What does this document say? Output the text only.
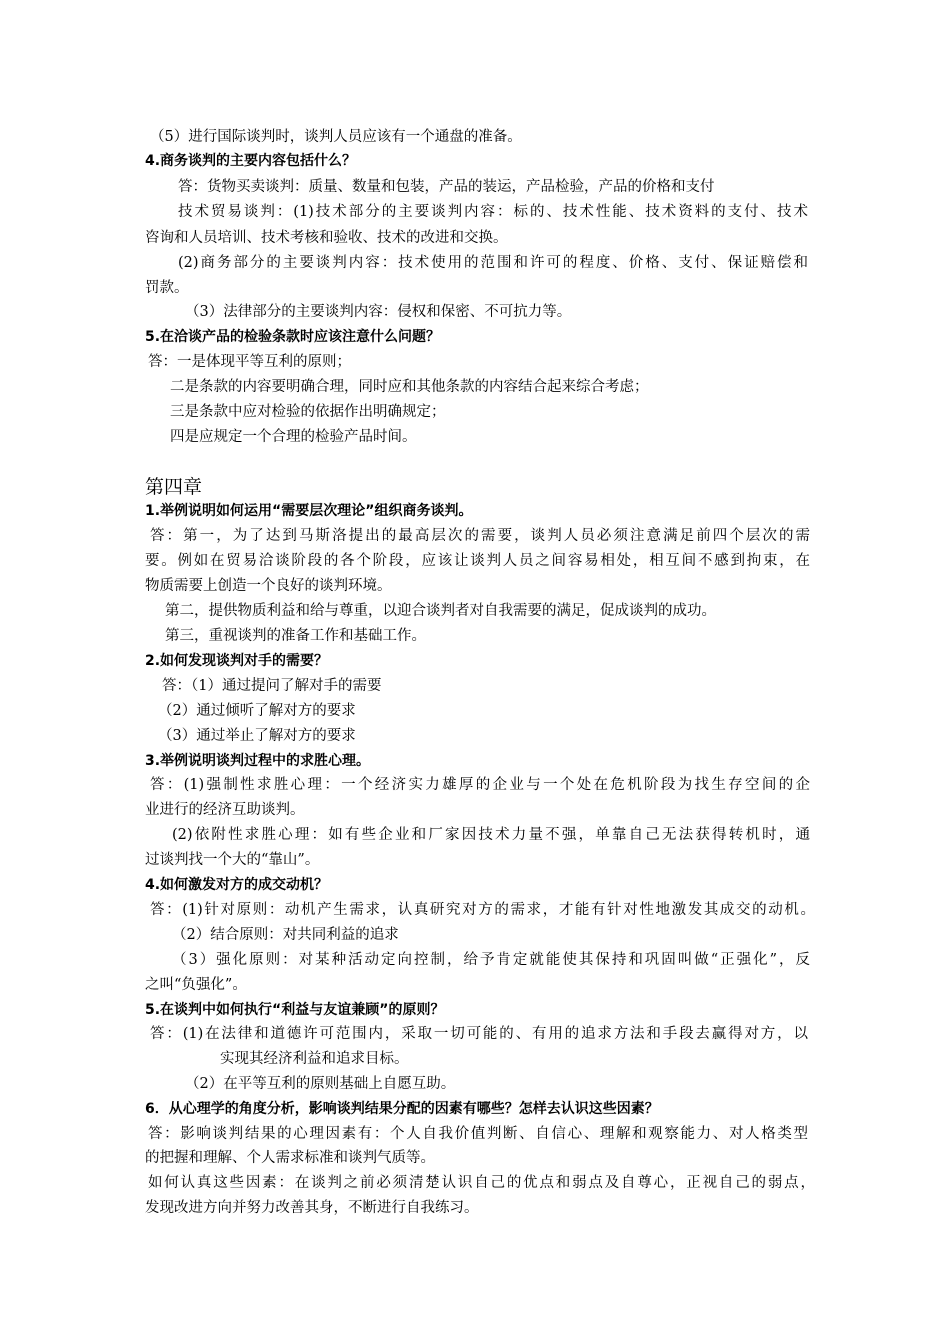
（5）进行国际谈判时，谈判人员应该有一个通盘的准备。
4.商务谈判的主要内容包括什么？
答：货物买卖谈判：质量、数量和包装，产品的装运，产品检验，产品的价格和支付
技术贸易谈判：(1)技术部分的主要谈判内容：标的、技术性能、技术资料的支付、技术
咨询和人员培训、技术考核和验收、技术的改进和交换。
(2)商务部分的主要谈判内容：技术使用的范围和许可的程度、价格、支付、保证赔偿和
罚款。
（3）法律部分的主要谈判内容：侵权和保密、不可抗力等。
5.在洽谈产品的检验条款时应该注意什么问题？
答：一是体现平等互利的原则；
二是条款的内容要明确合理，同时应和其他条款的内容结合起来综合考虑；
三是条款中应对检验的依据作出明确规定；
四是应规定一个合理的检验产品时间。
第四章
1.举例说明如何运用“需要层次理论”组织商务谈判。
答：第一，为了达到马斯洛提出的最高层次的需要，谈判人员必须注意满足前四个层次的需
要。例如在贸易洽谈阶段的各个阶段，应该让谈判人员之间容易相处，相互间不感到拘束，在
物质需要上创造一个良好的谈判环境。
第二，提供物质利益和给与尊重，以迎合谈判者对自我需要的满足，促成谈判的成功。
第三，重视谈判的准备工作和基础工作。
2.如何发现谈判对手的需要？
答：（1）通过提问了解对手的需要
（2）通过倾听了解对方的要求
（3）通过举止了解对方的要求
3.举例说明谈判过程中的求胜心理。
答：(1)强制性求胜心理：一个经济实力雄厚的企业与一个处在危机阶段为找生存空间的企
业进行的经济互助谈判。
(2)依附性求胜心理：如有些企业和厂家因技术力量不强，单靠自己无法获得转机时，通
过谈判找一个大的“靠山”。
4.如何激发对方的成交动机？
答：(1)针对原则：动机产生需求，认真研究对方的需求，才能有针对性地激发其成交的动机。
（2）结合原则：对共同利益的追求
（3）强化原则：对某种活动定向控制，给予肯定就能使其保持和巩固叫做“正强化”，反
之叫“负强化”。
5.在谈判中如何执行“利益与友谊兼顾”的原则？
答：(1)在法律和道德许可范围内，采取一切可能的、有用的追求方法和手段去赢得对方，以
实现其经济利益和追求目标。
（2）在平等互利的原则基础上自愿互助。
6．从心理学的角度分析，影响谈判结果分配的因素有哪些？怎样去认识这些因素？
答：影响谈判结果的心理因素有：个人自我价值判断、自信心、理解和观察能力、对人格类型
的把握和理解、个人需求标准和谈判气质等。
如何认真这些因素：在谈判之前必须清楚认识自己的优点和弱点及自尊心，正视自己的弱点，
发现改进方向并努力改善其身，不断进行自我练习。
